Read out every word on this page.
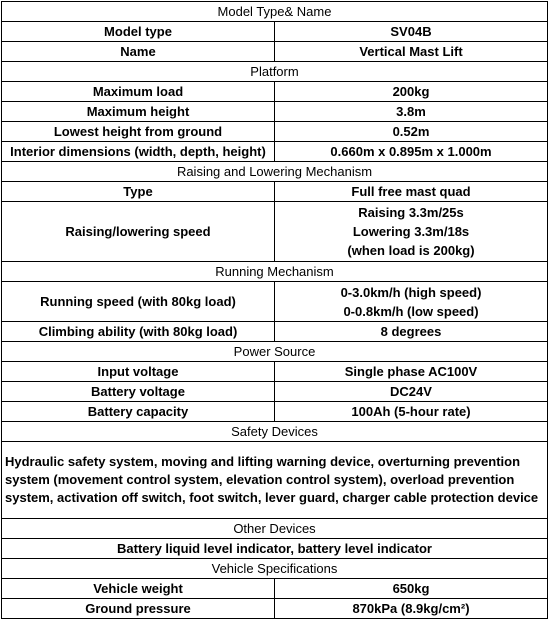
Model Type& Name	
Model type	SV04B
Name	Vertical Mast Lift
Platform	
Maximum load	200kg
Maximum height	3.8m
Lowest height from ground	0.52m
Interior dimensions (width, depth, height)	0.660m x 0.895m x 1.000m
Raising and Lowering Mechanism	
Type	Full free mast quad
Raising/lowering speed	Raising 3.3m/25s
Lowering 3.3m/18s
(when load is 200kg)

Running Mechanism	
Running speed (with 80kg load)	0-3.0km/h (high speed)
0-0.8km/h (low speed)

Climbing ability (with 80kg load)	8 degrees
Power Source	
Input voltage	Single phase AC100V
Battery voltage	DC24V
Battery capacity	100Ah (5-hour rate)
Safety Devices	
Hydraulic safety system, moving and lifting warning device, overturning prevention system (movement control system, elevation control system), overload prevention system, activation off switch, foot switch, lever guard, charger cable protection device	
Other Devices	
Battery liquid level indicator, battery level indicator	
Vehicle Specifications	
Vehicle weight	650kg
Ground pressure	870kPa (8.9kg/cm²)
